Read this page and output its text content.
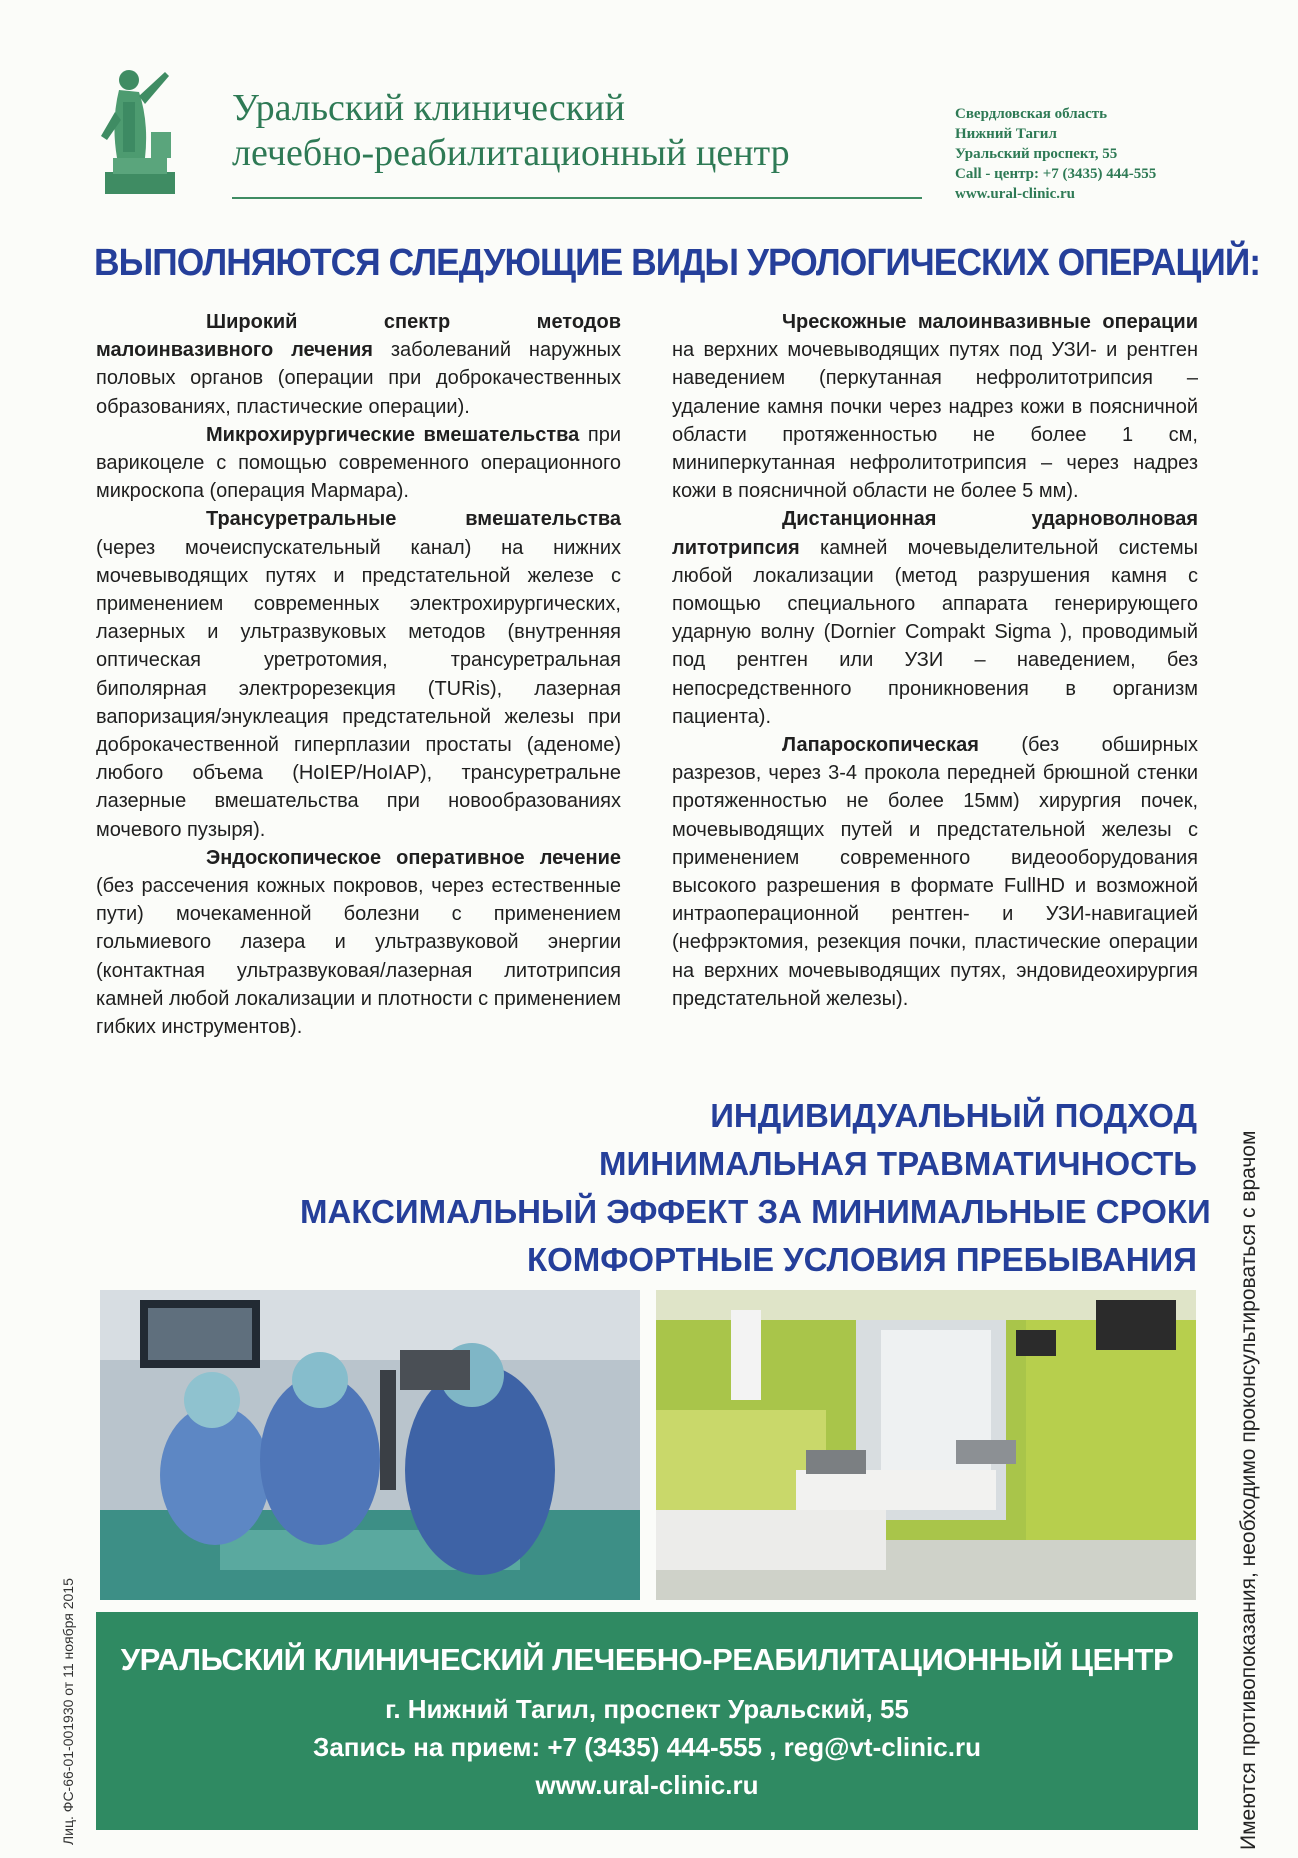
Уральский клинический
лечебно-реабилитационный центр
Свердловская область
Нижний Тагил
Уральский проспект, 55
Call - центр: +7 (3435) 444-555
www.ural-clinic.ru
ВЫПОЛНЯЮТСЯ СЛЕДУЮЩИЕ ВИДЫ УРОЛОГИЧЕСКИХ ОПЕРАЦИЙ:

Широкий спектр методов малоинвазивного лечения заболеваний наружных половых органов (операции при доброкачественных образованиях, пластические операции).

Микрохирургические вмешательства при варикоцеле с помощью современного операционного микроскопа (операция Мармара).

Трансуретральные вмешательства (через мочеиспускательный канал) на нижних мочевыводящих путях и предстательной железе с применением современных электрохирургических, лазерных и ультразвуковых методов (внутренняя оптическая уретротомия, трансуретральная биполярная электрорезекция (TURis), лазерная вапоризация/энуклеация предстательной железы при доброкачественной гиперплазии простаты (аденоме) любого объема (HoIEP/HoIAP), трансуретральне лазерные вмешательства при новообразованиях мочевого пузыря).

Эндоскопическое оперативное лечение (без рассечения кожных покровов, через естественные пути) мочекаменной болезни с применением гольмиевого лазера и ультразвуковой энергии (контактная ультразвуковая/лазерная литотрипсия камней любой локализации и плотности с применением гибких инструментов).

Чрескожные малоинвазивные операции на верхних мочевыводящих путях под УЗИ- и рентген наведением (перкутанная нефролитотрипсия – удаление камня почки через надрез кожи в поясничной области протяженностью не более 1 см, миниперкутанная нефролитотрипсия – через надрез кожи в поясничной области не более 5 мм).

Дистанционная ударноволновая литотрипсия камней мочевыделительной системы любой локализации (метод разрушения камня с помощью специального аппарата генерирующего ударную волну (Dornier Compakt Sigma ), проводимый под рентген или УЗИ – наведением, без непосредственного проникновения в организм пациента).

Лапароскопическая (без обширных разрезов, через 3-4 прокола передней брюшной стенки протяженностью не более 15мм) хирургия почек, мочевыводящих путей и предстательной железы с применением современного видеооборудования высокого разрешения в формате FullHD и возможной интраоперационной рентген- и УЗИ-навигацией (нефрэктомия, резекция почки, пластические операции на верхних мочевыводящих путях, эндовидеохирургия предстательной железы).

ИНДИВИДУАЛЬНЫЙ ПОДХОД
МИНИМАЛЬНАЯ ТРАВМАТИЧНОСТЬ
МАКСИМАЛЬНЫЙ ЭФФЕКТ ЗА МИНИМАЛЬНЫЕ СРОКИ
КОМФОРТНЫЕ УСЛОВИЯ ПРЕБЫВАНИЯ
УРАЛЬСКИЙ КЛИНИЧЕСКИЙ ЛЕЧЕБНО-РЕАБИЛИТАЦИОННЫЙ ЦЕНТР
г. Нижний Тагил, проспект Уральский, 55
Запись на прием: +7 (3435) 444-555 , reg@vt-clinic.ru
www.ural-clinic.ru
Лиц. ФС-66-01-001930 от 11 ноября 2015	Имеются противопоказания, необходимо проконсультироваться с врачом
